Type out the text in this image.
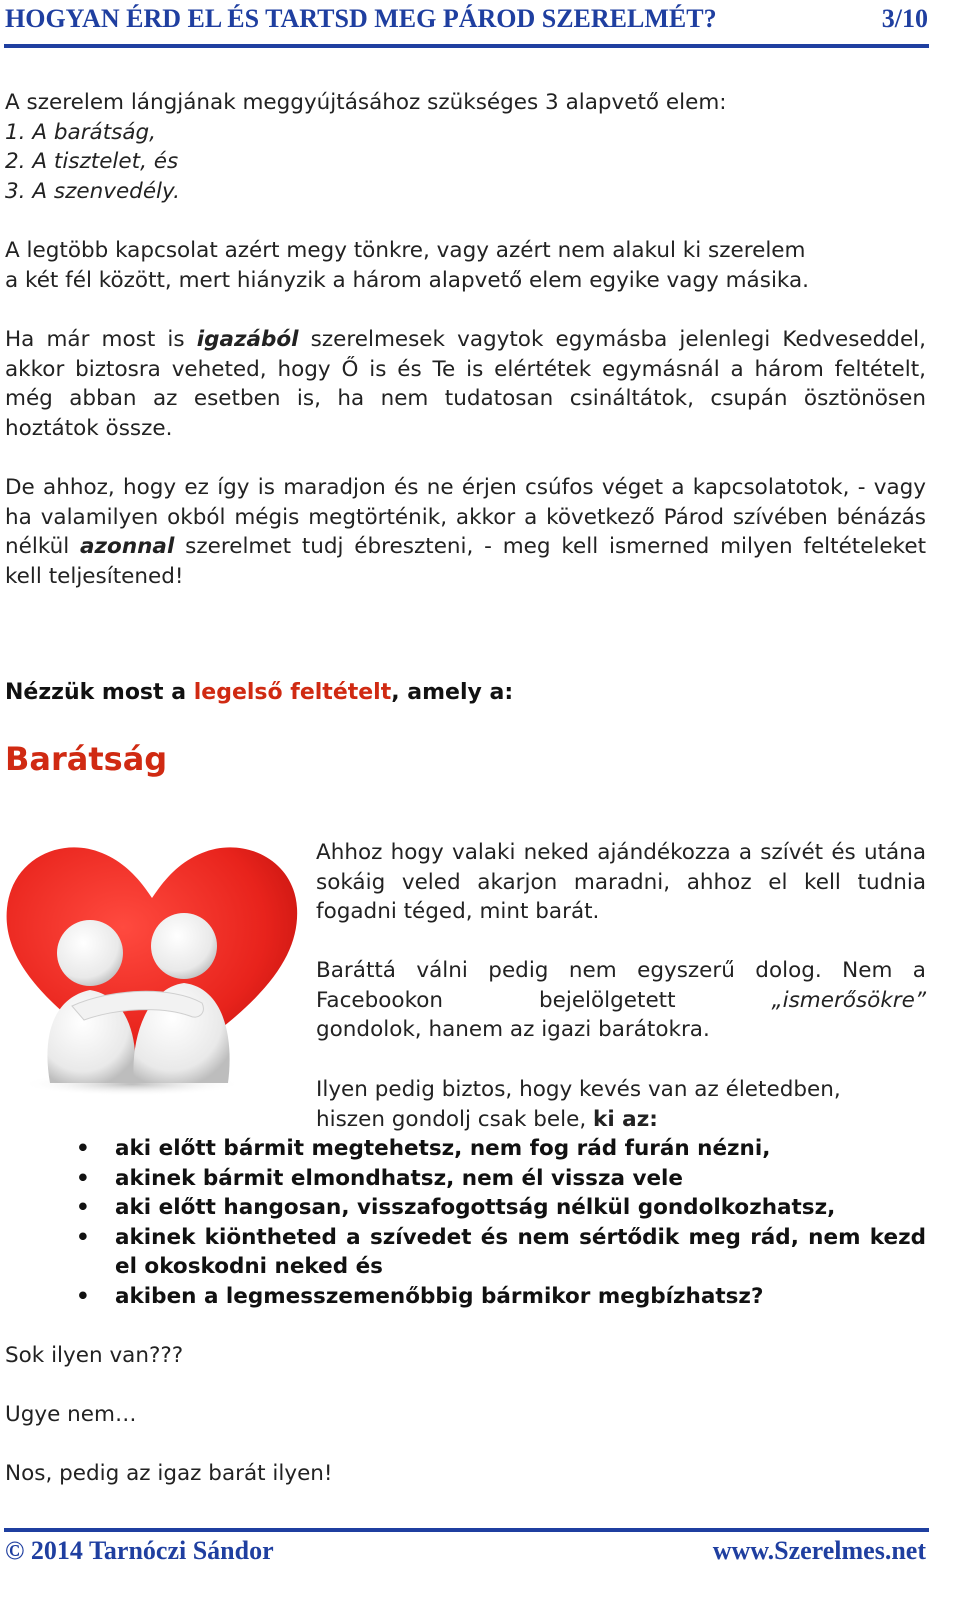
HOGYAN ÉRD EL ÉS TARTSD MEG PÁROD SZERELMÉT?	3/10
A szerelem lángjának meggyújtásához szükséges 3 alapvető elem:
1. A barátság,
2. A tisztelet, és
3. A szenvedély.
A legtöbb kapcsolat azért megy tönkre, vagy azért nem alakul ki szerelem
a két fél között, mert hiányzik a három alapvető elem egyike vagy másika.

Ha már most is igazából szerelmesek vagytok egymásba jelenlegi Kedveseddel, akkor biztosra veheted, hogy Ő is és Te is elértétek egymásnál a három feltételt, még abban az esetben is, ha nem tudatosan csináltátok, csupán ösztönösen hoztátok össze.

De ahhoz, hogy ez így is maradjon és ne érjen csúfos véget a kapcsolatotok, - vagy ha valamilyen okból mégis megtörténik, akkor a következő Párod szívében bénázás nélkül azonnal szerelmet tudj ébreszteni, - meg kell ismerned milyen feltételeket kell teljesítened!

Nézzük most a legelső feltételt, amely a:
Barátság

Ahhoz hogy valaki neked ajándékozza a szívét és utána sokáig veled akarjon maradni, ahhoz el kell tudnia fogadni téged, mint barát.

Baráttá válni pedig nem egyszerű dolog. Nem a Facebookon bejelölgetett	„ismerősökre”
gondolok, hanem az igazi barátokra.
Ilyen pedig biztos, hogy kevés van az életedben,
hiszen gondolj csak bele, ki az:
• aki előtt bármit megtehetsz, nem fog rád furán nézni,
• akinek bármit elmondhatsz, nem él vissza vele
• aki előtt hangosan, visszafogottság nélkül gondolkozhatsz,
• akinek kiöntheted a szívedet és nem sértődik meg rád, nem kezd el okoskodni neked és
• akiben a legmesszemenőbbig bármikor megbízhatsz?
Sok ilyen van???
Ugye nem…
Nos, pedig az igaz barát ilyen!
© 2014 Tarnóczi Sándor	www.Szerelmes.net
